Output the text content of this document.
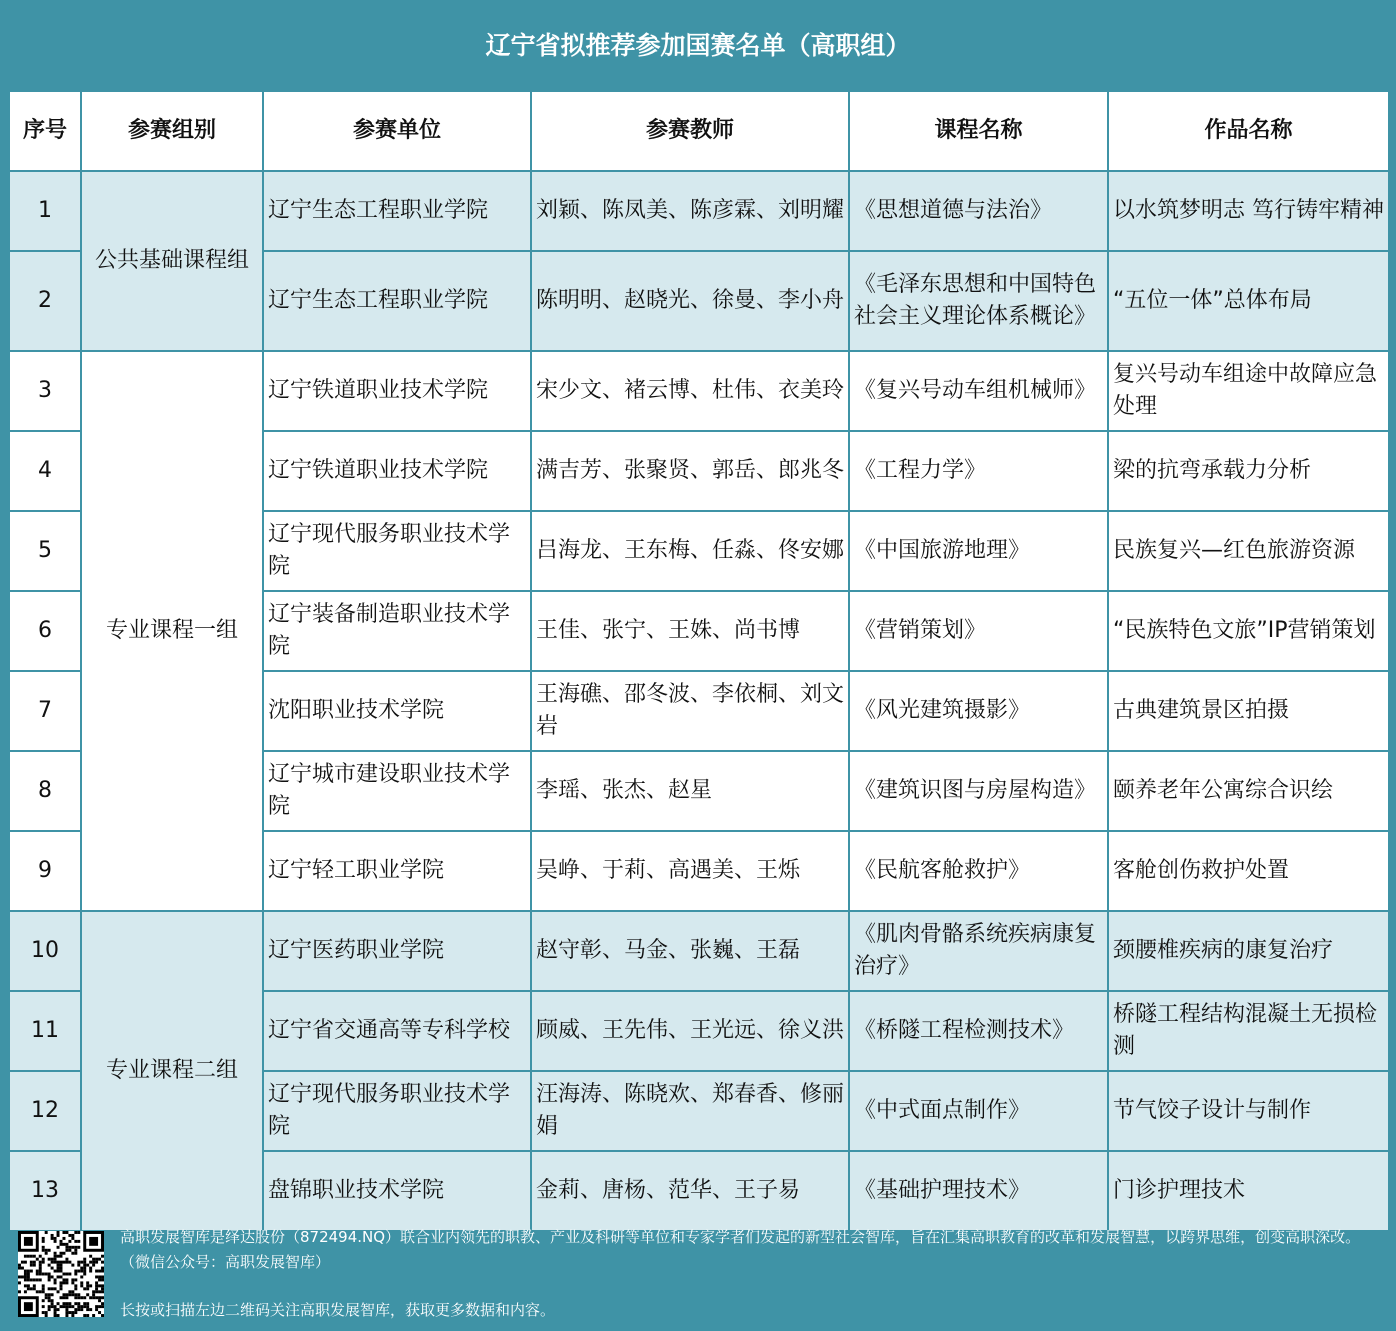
辽宁省拟推荐参加国赛名单（高职组）
序号	参赛组别	参赛单位	参赛教师	课程名称	作品名称
1	公共基础课程组	辽宁生态工程职业学院	刘颖、陈凤美、陈彦霖、刘明耀	《思想道德与法治》	以水筑梦明志 笃行铸牢精神
2		辽宁生态工程职业学院	陈明明、赵晓光、徐曼、李小舟	《毛泽东思想和中国特色社会主义理论体系概论》	“五位一体”总体布局
3	专业课程一组	辽宁铁道职业技术学院	宋少文、褚云博、杜伟、衣美玲	《复兴号动车组机械师》	复兴号动车组途中故障应急处理
4		辽宁铁道职业技术学院	满吉芳、张聚贤、郭岳、郎兆冬	《工程力学》	梁的抗弯承载力分析
5		辽宁现代服务职业技术学院	吕海龙、王东梅、任淼、佟安娜	《中国旅游地理》	民族复兴—红色旅游资源
6		辽宁装备制造职业技术学院	王佳、张宁、王姝、尚书博	《营销策划》	“民族特色文旅”IP营销策划
7		沈阳职业技术学院	王海礁、邵冬波、李依桐、刘文岩	《风光建筑摄影》	古典建筑景区拍摄
8		辽宁城市建设职业技术学院	李瑶、张杰、赵星	《建筑识图与房屋构造》	颐养老年公寓综合识绘
9		辽宁轻工职业学院	吴峥、于莉、高遇美、王烁	《民航客舱救护》	客舱创伤救护处置
10	专业课程二组	辽宁医药职业学院	赵守彰、马金、张巍、王磊	《肌肉骨骼系统疾病康复治疗》	颈腰椎疾病的康复治疗
11		辽宁省交通高等专科学校	顾威、王先伟、王光远、徐义洪	《桥隧工程检测技术》	桥隧工程结构混凝土无损检测
12		辽宁现代服务职业技术学院	汪海涛、陈晓欢、郑春香、修丽娟	《中式面点制作》	节气饺子设计与制作
13		盘锦职业技术学院	金莉、唐杨、范华、王子易	《基础护理技术》	门诊护理技术
高职发展智库是绎达股份（872494.NQ）联合业内领先的职教、产业及科研等单位和专家学者们发起的新型社会智库，旨在汇集高职教育的改革和发展智慧，以跨界思维，创变高职深改。（微信公众号：高职发展智库）
长按或扫描左边二维码关注高职发展智库，获取更多数据和内容。
